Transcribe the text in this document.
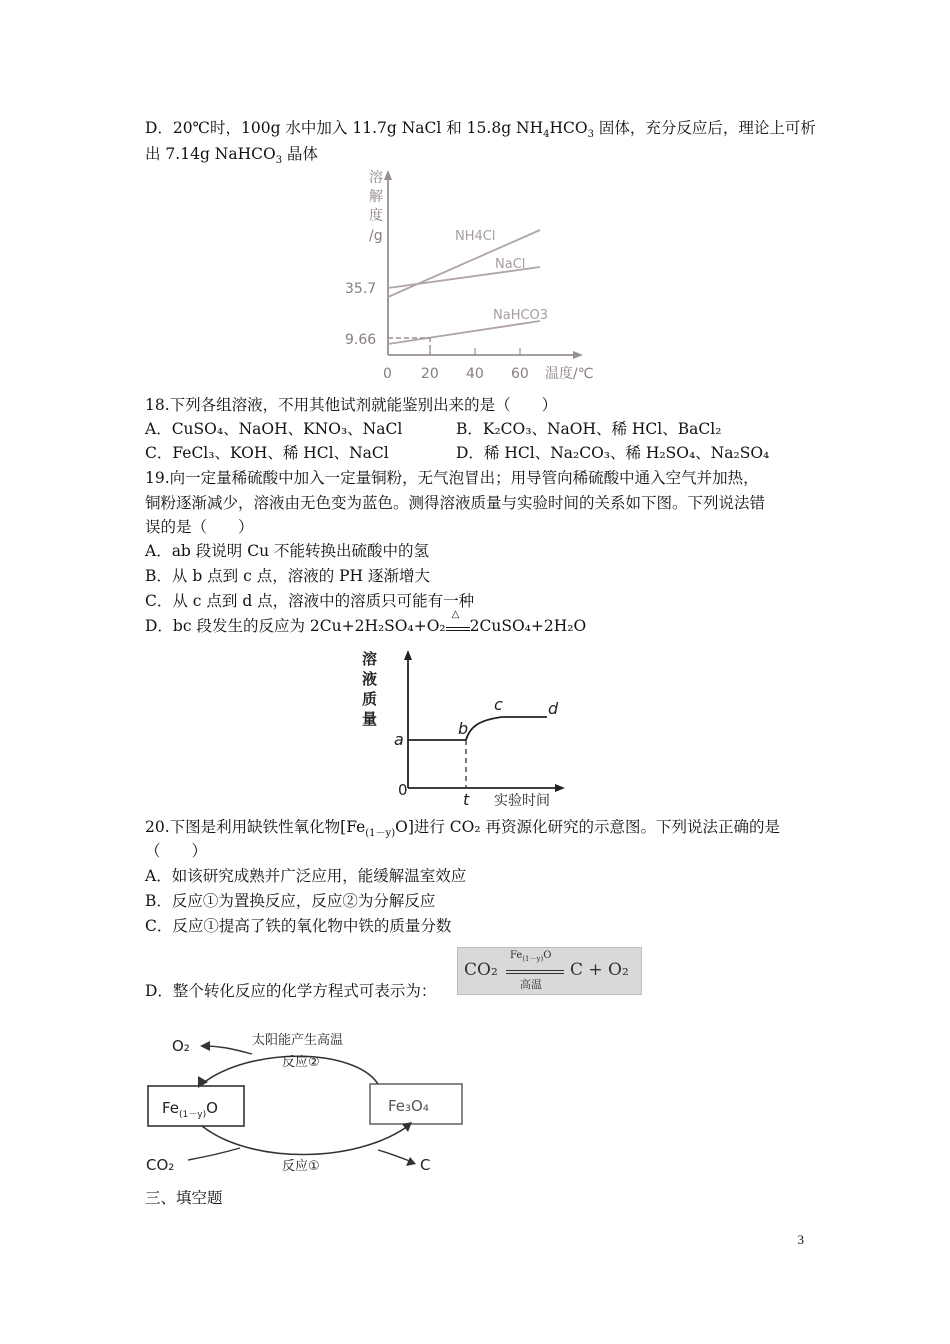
D．20℃时，100g 水中加入 11.7g NaCl 和 15.8g $NH_4HCO_3$ 固体，充分反应后，理论上可析
出 7.14g NaHCO$_3$ 晶体
溶
解
度
/g
0 20 40 60 温度/℃
35.7
9.66
NH4Cl
NaCl
NaHCO3
18.下列各组溶液，不用其他试剂就能鉴别出来的是（　　）
A．CuSO₄、NaOH、KNO₃、NaCl	B．K₂CO₃、NaOH、稀 HCl、BaCl₂
C．FeCl₃、KOH、稀 HCl、NaCl	D．稀 HCl、Na₂CO₃、稀 H₂SO₄、Na₂SO₄
19.向一定量稀硫酸中加入一定量铜粉，无气泡冒出；用导管向稀硫酸中通入空气并加热，
铜粉逐渐减少，溶液由无色变为蓝色。测得溶液质量与实验时间的关系如下图。下列说法错
误的是（　　）
A．ab 段说明 Cu 不能转换出硫酸中的氢
B．从 b 点到 c 点，溶液的 PH 逐渐增大
C．从 c 点到 d 点，溶液中的溶质只可能有一种
D．bc 段发生的反应为 2Cu+2H₂SO₄+O₂
△
2CuSO₄+2H₂O
溶
液
质
量
a
b
c	d
t
0
实验时间
20.下图是利用缺铁性氧化物$[Fe_{(1-y)}O]$进行 CO₂ 再资源化研究的示意图。下列说法正确的是
（　　）
A．如该研究成熟并广泛应用，能缓解温室效应
B．反应①为置换反应，反应②为分解反应
C．反应①提高了铁的氧化物中铁的质量分数
D．整个转化反应的化学方程式可表示为：
CO₂
$Fe_{(1-y)}O$
高温
C + O₂
O₂	太阳能产生高温
反应②
$Fe_{(1-y)}O$	Fe₃O₄
CO₂	反应①	C
三、填空题
3
